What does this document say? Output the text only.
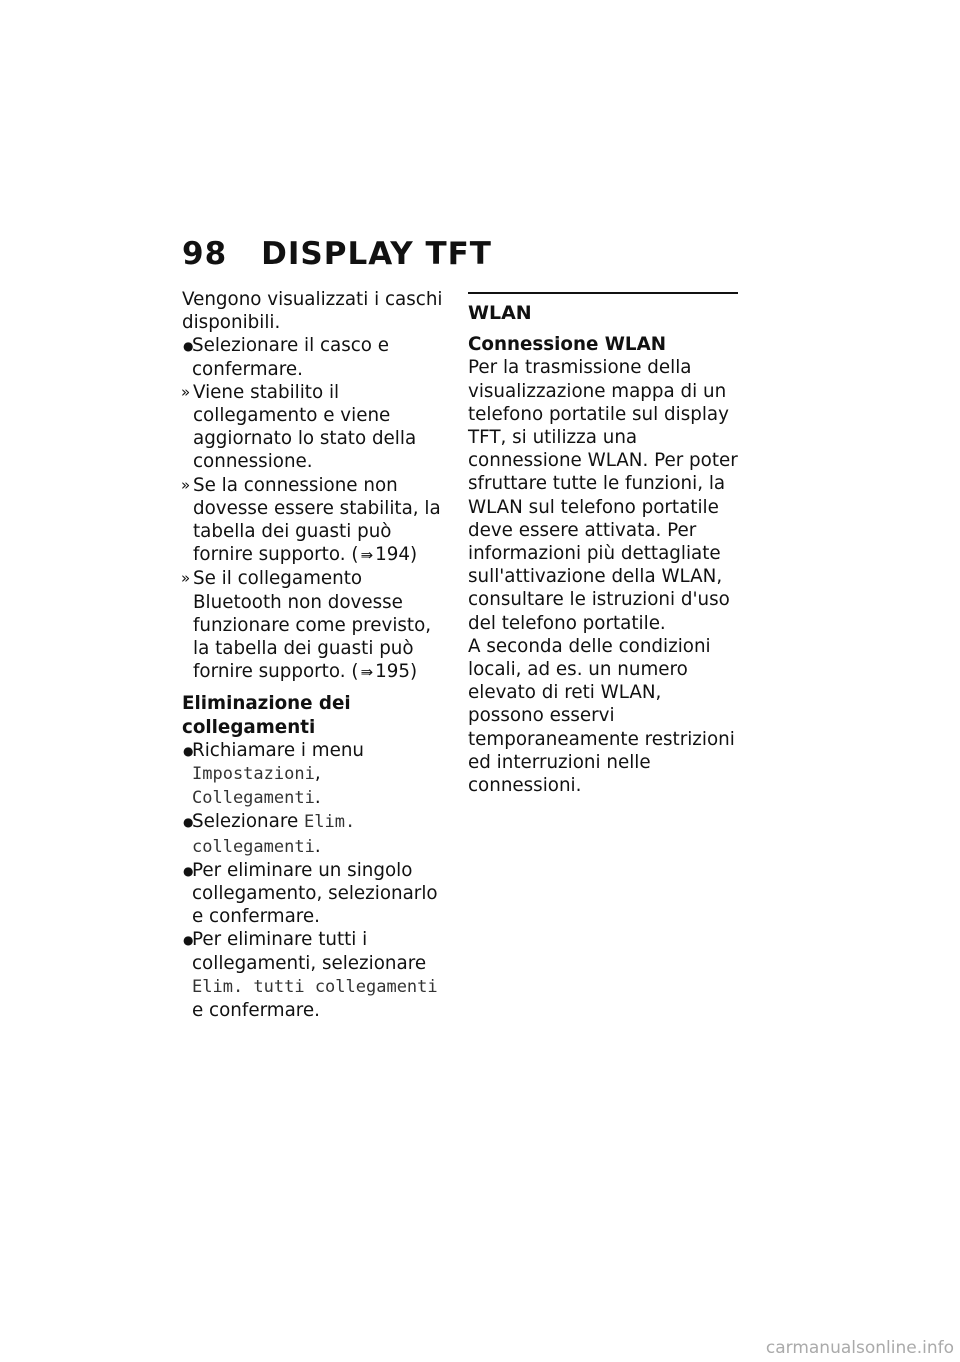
98 DISPLAY TFT

Vengono visualizzati i caschi disponibili.

●
Selezionare il casco e confermare.
» Viene stabilito il collegamento e viene aggiornato lo stato della connessione.
» Se la connessione non dovesse essere stabilita, la tabella dei guasti può fornire supporto. ( ⇛ 194)
» Se il collegamento Bluetooth non dovesse funzionare come previsto, la tabella dei guasti può fornire supporto. ( ⇛ 195)
Eliminazione dei collegamenti
●
Richiamare i menu Impostazioni, Collegamenti.
●
Selezionare Elim. collegamenti.
●
Per eliminare un singolo collegamento, selezionarlo e confermare.
●
Per eliminare tutti i collegamenti, selezionare Elim. tutti collegamenti e confermare.
WLAN
Connessione WLAN

Per la trasmissione della visualizzazione mappa di un telefono portatile sul display TFT, si utilizza una connessione WLAN. Per poter sfruttare tutte le funzioni, la WLAN sul telefono portatile deve essere attivata. Per informazioni più dettagliate sull'attivazione della WLAN, consultare le istruzioni d'uso del telefono portatile.

A seconda delle condizioni locali, ad es. un numero elevato di reti WLAN, possono esservi temporaneamente restrizioni ed interruzioni nelle connessioni.

carmanualsonline.info
